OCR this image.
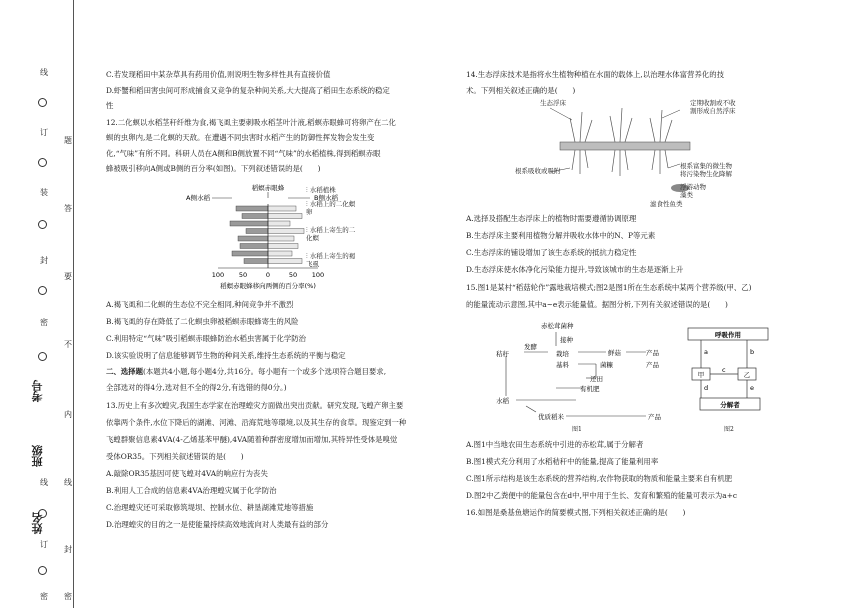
线
订
装
封
密
线
订
密
题
答
要
不
内
线
封
密
考号
班级
姓名
C.若发现稻田中某杂草具有药用价值,则说明生物多样性具有直接价值
D.虾蟹和稻田害虫间可形成捕食又竞争的复杂种间关系,大大提高了稻田生态系统的稳定
性
12.二化螟以水稻茎秆纤维为食,褐飞虱主要刺吸水稻茎叶汁液,稻螟赤眼蜂可将卵产在二化
螟的虫卵内,是二化螟的天敌。在遭遇不同虫害时水稻产生的防御性挥发物会发生变
化,“气味”有所不同。科研人员在A侧和B侧放置不同“气味”的水稻植株,得到稻螟赤眼
蜂被吸引移向A侧或B侧的百分率(如图)。下列叙述错误的是(　　)
稻螟赤眼蜂
A侧水稻	B侧水稻
100 50	0	50 100
稻螟赤眼蜂移向两侧的百分率(%)
⫶ 水稻植株
⫶ 水稻上的二化螟卵
⫶ 水稻上寄生的二化螟
⫶ 水稻上寄生的褐飞虱
A.褐飞虱和二化螟的生态位不完全相同,种间竞争并不激烈
B.褐飞虱的存在降低了二化螟虫卵被稻螟赤眼蜂寄生的风险
C.利用特定“气味”吸引稻螟赤眼蜂防治水稻虫害属于化学防治
D.该实验说明了信息能够调节生物的种间关系,维持生态系统的平衡与稳定
二、选择题(本题共4小题,每小题4分,共16分。每小题有一个或多个选项符合题目要求,
全部选对的得4分,选对但不全的得2分,有选错的得0分。)
13.历史上有多次蝗灾,我国生态学家在治理蝗灾方面做出突出贡献。研究发现,飞蝗产卵主要
依靠两个条件,水位下降后的湖滩、河滩、沿海荒地等環境,以及其生存的食草。现鉴定到一种
飞蝗群聚信息素4VA(4-乙烯基苯甲醚),4VA随着种群密度增加而增加,其特异性受体是嗅觉
受体OR35。下列相关叙述错误的是(　　)
A.敲除OR35基因可使飞蝗对4VA的响应行为丧失
B.利用人工合成的信息素4VA治理蝗灾属于化学防治
C.治理蝗灾还可采取修筑堤坝、控制水位、耕垦湖滩荒地等措施
D.治理蝗灾的目的之一是使能量持续高效地流向对人类最有益的部分
14.生态浮床技术是指将水生植物种植在水面的载体上,以治理水体富营养化的技
术。下列相关叙述正确的是(　　)
生态浮床	定期收割或不收
割形成自然浮床
根系吸收或吸附
根系富集的微生物
将污染物生化降解
浮游动物
藻类
滤食性鱼类
A.选择及搭配生态浮床上的植物时需要遵循协调原理
B.生态浮床主要利用植物分解并吸收水体中的N、P等元素
C.生态浮床的铺设增加了该生态系统的抵抗力稳定性
D.生态浮床使水体净化污染能力提升,导致该城市的生态是逐渐上升
15.图1是某村“稻菇轮作”露地栽培模式;图2是图1所在生态系统中某两个营养级(甲、乙)
的能量流动示意图,其中a~e表示能量值。据图分析,下列有关叙述错误的是(　　)
赤松茸菌种
接种
发酵
秸秆	栽培
基料
鲜菇	产品
菌糠	产品
还田
有机肥
水稻
优质稻米	产品
图1
呼吸作用
甲	乙
分解者
a	b
c
d	e
图2
A.图1中当地农田生态系统中引进的赤松茸,属于分解者
B.图1模式充分利用了水稻秸秆中的能量,提高了能量利用率
C.图1所示结构是该生态系统的营养结构,农作物获取的物质和能量主要来自有机肥
D.图2中乙粪便中的能量包含在d中,甲中用于生长、发育和繁殖的能量可表示为a+c
16.如图是桑基鱼塘运作的简要模式图,下列相关叙述正确的是(　　)
